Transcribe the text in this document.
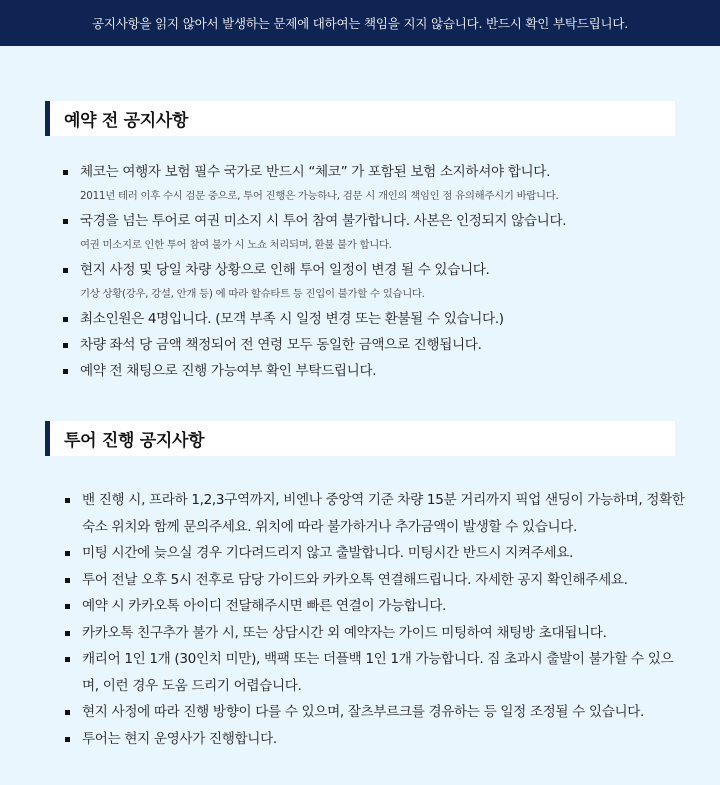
공지사항을 읽지 않아서 발생하는 문제에 대하여는 책임을 지지 않습니다. 반드시 확인 부탁드립니다.
예약 전 공지사항
체코는 여행자 보험 필수 국가로 반드시 “체코” 가 포함된 보험 소지하셔야 합니다.
2011년 테러 이후 수시 검문 중으로, 투어 진행은 가능하나, 검문 시 개인의 책임인 점 유의해주시기 바랍니다.
국경을 넘는 투어로 여권 미소지 시 투어 참여 불가합니다. 사본은 인정되지 않습니다.
여권 미소지로 인한 투어 참여 불가 시 노쇼 처리되며, 환불 불가 합니다.
현지 사정 및 당일 차량 상황으로 인해 투어 일정이 변경 될 수 있습니다.
기상 상황(강우, 강설, 안개 등) 에 따라 할슈타트 등 진입이 불가할 수 있습니다.
최소인원은 4명입니다. (모객 부족 시 일정 변경 또는 환불될 수 있습니다.)
차량 좌석 당 금액 책정되어 전 연령 모두 동일한 금액으로 진행됩니다.
예약 전 채팅으로 진행 가능여부 확인 부탁드립니다.
투어 진행 공지사항
밴 진행 시, 프라하 1,2,3구역까지, 비엔나 중앙역 기준 차량 15분 거리까지 픽업 샌딩이 가능하며, 정확한 숙소 위치와 함께 문의주세요. 위치에 따라 불가하거나 추가금액이 발생할 수 있습니다.
미팅 시간에 늦으실 경우 기다려드리지 않고 출발합니다. 미팅시간 반드시 지켜주세요.
투어 전날 오후 5시 전후로 담당 가이드와 카카오톡 연결해드립니다. 자세한 공지 확인해주세요.
예약 시 카카오톡 아이디 전달해주시면 빠른 연결이 가능합니다.
카카오톡 친구추가 불가 시, 또는 상담시간 외 예약자는 가이드 미팅하여 채팅방 초대됩니다.
캐리어 1인 1개 (30인치 미만), 백팩 또는 더플백 1인 1개 가능합니다. 짐 초과시 출발이 불가할 수 있으며, 이런 경우 도움 드리기 어렵습니다.
현지 사정에 따라 진행 방향이 다를 수 있으며, 잘츠부르크를 경유하는 등 일정 조정될 수 있습니다.
투어는 현지 운영사가 진행합니다.
